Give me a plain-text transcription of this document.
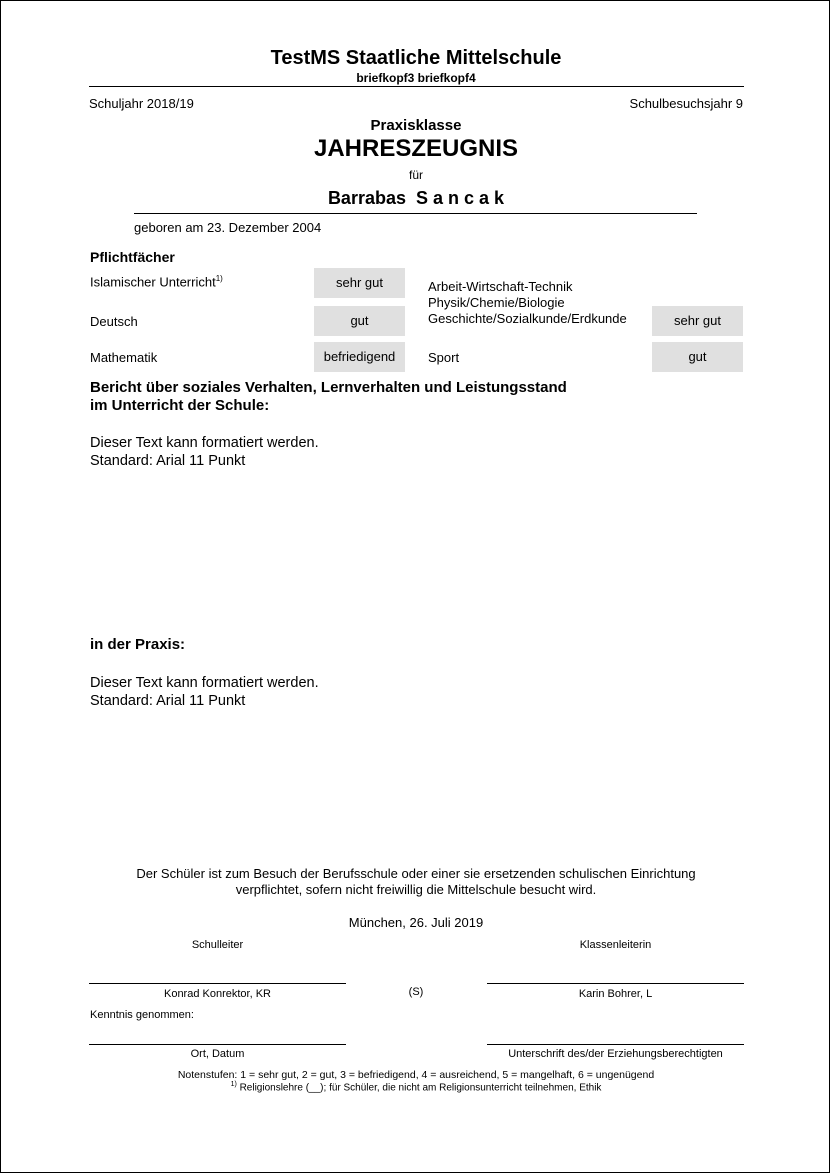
TestMS Staatliche Mittelschule
briefkopf3 briefkopf4
Schuljahr 2018/19	Schulbesuchsjahr 9
Praxisklasse
JAHRESZEUGNIS
für
Barrabas  S a n c a k
geboren am 23. Dezember 2004
Pflichtfächer
Islamischer Unterricht$^{1)}$	sehr gut
Deutsch	gut
Mathematik	befriedigend
Arbeit-Wirtschaft-Technik
Physik/Chemie/Biologie
Geschichte/Sozialkunde/Erdkunde	sehr gut
Sport	gut
Bericht über soziales Verhalten, Lernverhalten und Leistungsstand
im Unterricht der Schule:
Dieser Text kann formatiert werden.
Standard: Arial 11 Punkt
in der Praxis:
Dieser Text kann formatiert werden.
Standard: Arial 11 Punkt
Der Schüler ist zum Besuch der Berufsschule oder einer sie ersetzenden schulischen Einrichtung
verpflichtet, sofern nicht freiwillig die Mittelschule besucht wird.
München, 26. Juli 2019
Schulleiter	Klassenleiterin
Konrad Konrektor, KR	(S)	Karin Bohrer, L
Kenntnis genommen:
Ort, Datum	Unterschrift des/der Erziehungsberechtigten
Notenstufen: 1 = sehr gut, 2 = gut, 3 = befriedigend, 4 = ausreichend, 5 = mangelhaft, 6 = ungenügend
$^{1)}$ Religionslehre (__); für Schüler, die nicht am Religionsunterricht teilnehmen, Ethik
